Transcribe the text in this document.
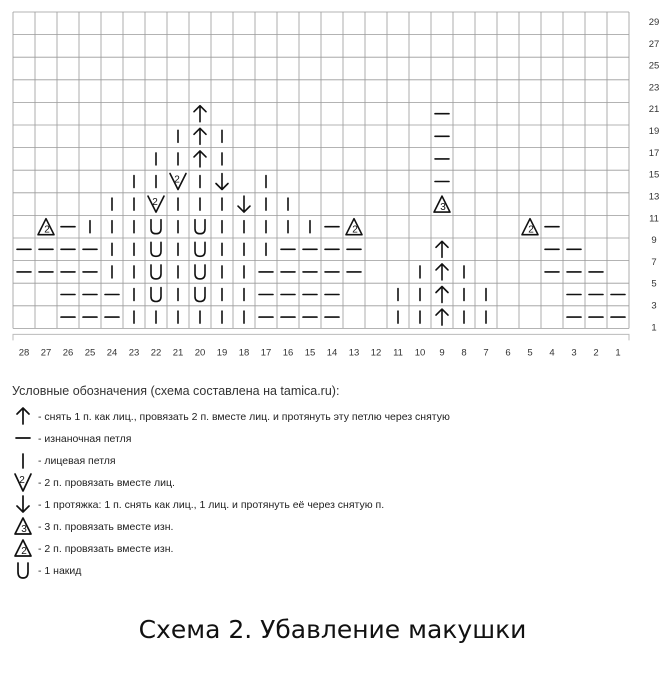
28 27 26 25 24 23 22 21 20 19 18 17 16 15 14 13 12 11 10 9 8 7 6 5 4 3 2 1
29
27
25
23
21
19
17
15
13
11
9
7
5
3
1
2
2
2
3
2
2
Условные обозначения (схема составлена на tamica.ru):
- снять 1 п. как лиц., провязать 2 п. вместе лиц. и протянуть эту петлю через снятую
- изнаночная петля
- лицевая петля
2 - 2 п. провязать вместе лиц.
- 1 протяжка: 1 п. снять как лиц., 1 лиц. и протянуть её через снятую п.
3 - 3 п. провязать вместе изн.
2 - 2 п. провязать вместе изн.
- 1 накид
Схема 2. Убавление макушки
